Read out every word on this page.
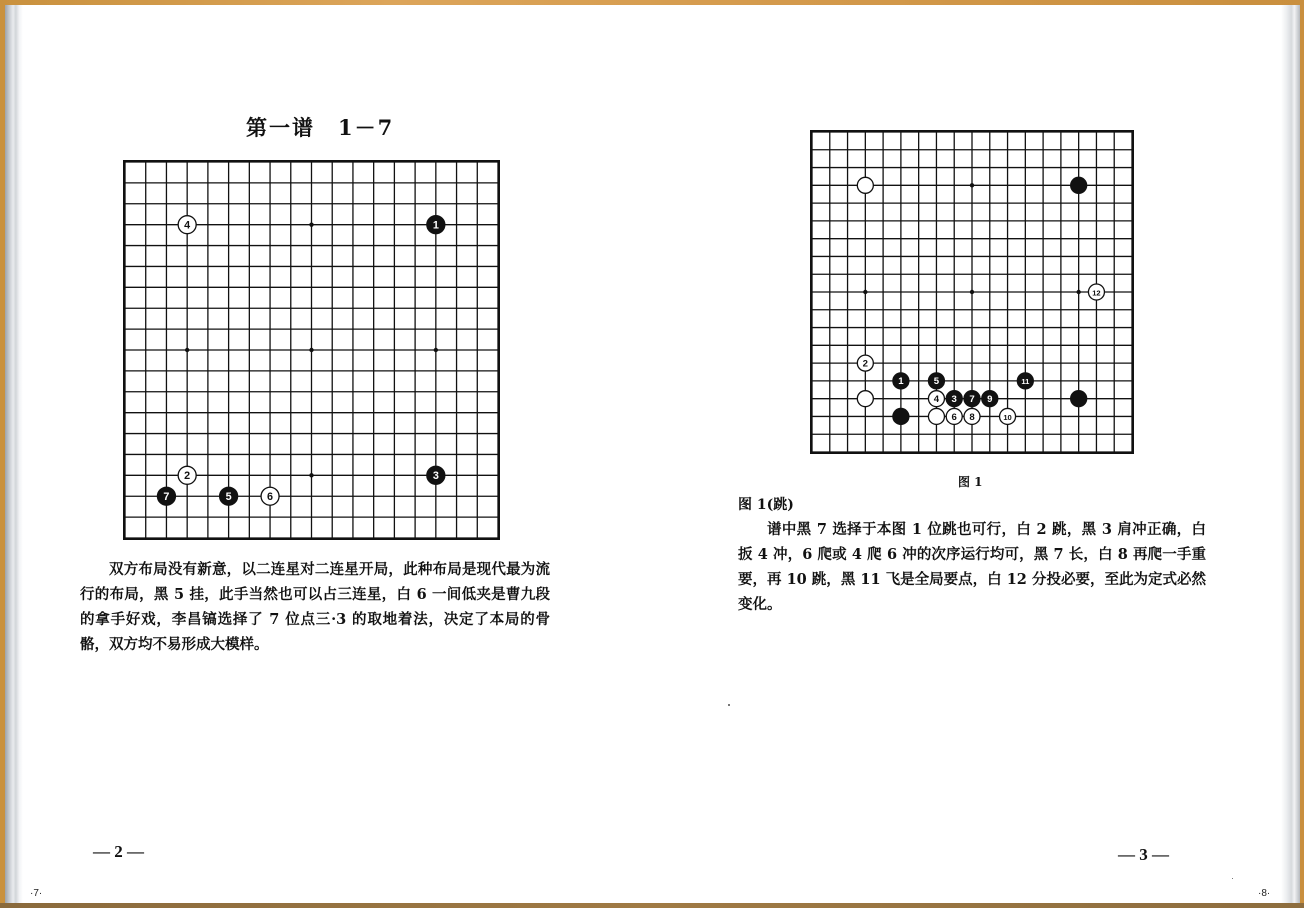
第一谱　1－7
1
2	3
4
5	6
7

双方布局没有新意，以二连星对二连星开局，此种布局是现代最为流行的布局，黑 5 挂，此手当然也可以占三连星，白 6 一间低夹是曹九段的拿手好戏，李昌镐选择了 7 位点三·3 的取地着法，决定了本局的骨骼，双方均不易形成大模样。

— 2 —
·7·
12
2
1	5	11
4 3 7 9
6 8	10
图 1
图 1(跳)

谱中黑 7 选择于本图 1 位跳也可行，白 2 跳，黑 3 肩冲正确，白扳 4 冲，6 爬或 4 爬 6 冲的次序运行均可，黑 7 长，白 8 再爬一手重要，再 10 跳，黑 11 飞是全局要点，白 12 分投必要，至此为定式必然变化。

— 3 —
·8·
